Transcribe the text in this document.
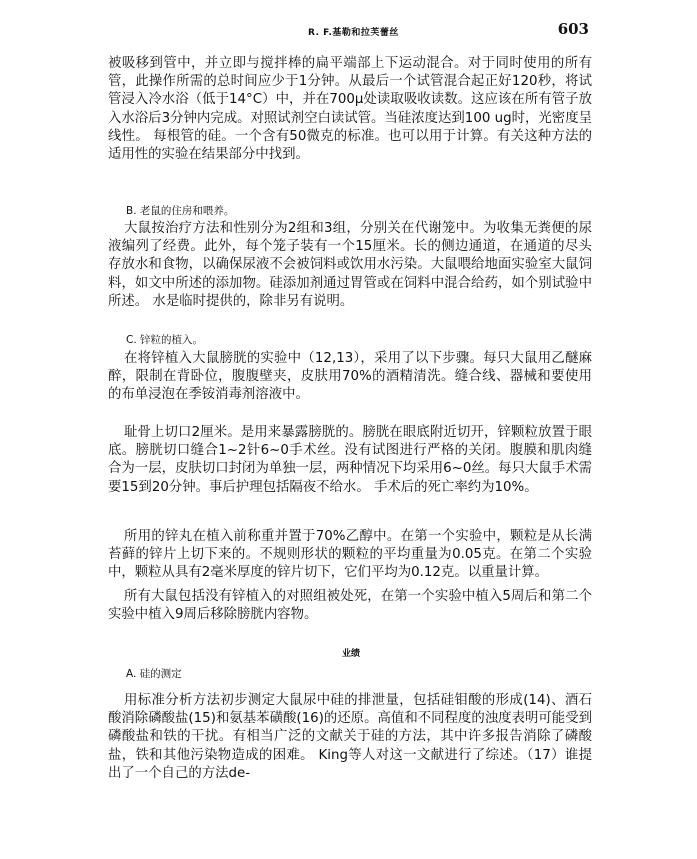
R. F.基勒和拉芙蕾丝	603

被吸移到管中，并立即与搅拌棒的扁平端部上下运动混合。对于同时使用的所有管，此操作所需的总时间应少于1分钟。从最后一个试管混合起正好120秒，将试管浸入冷水浴（低于14°C）中，并在700μ处读取吸收读数。这应该在所有管子放入水浴后3分钟内完成。对照试剂空白读试管。当硅浓度达到100 ug时，光密度呈线性。 每根管的硅。一个含有50微克的标准。也可以用于计算。有关这种方法的适用性的实验在结果部分中找到。

B. 老鼠的住房和喂养。

大鼠按治疗方法和性别分为2组和3组，分别关在代谢笼中。为收集无粪便的尿液编列了经费。此外，每个笼子装有一个15厘米。长的侧边通道，在通道的尽头存放水和食物，以确保尿液不会被饲料或饮用水污染。大鼠喂给地面实验室大鼠饲料，如文中所述的添加物。硅添加剂通过胃管或在饲料中混合给药，如个别试验中所述。 水是临时提供的，除非另有说明。

C. 锌粒的植入。

在将锌植入大鼠膀胱的实验中（12,13），采用了以下步骤。每只大鼠用乙醚麻醉，限制在背卧位，腹腹壁夹，皮肤用70%的酒精清洗。缝合线、器械和要使用的布单浸泡在季铵消毒剂溶液中。

耻骨上切口2厘米。是用来暴露膀胱的。膀胱在眼底附近切开，锌颗粒放置于眼底。膀胱切口缝合1~2针6~0手术丝。没有试图进行严格的关闭。腹膜和肌肉缝合为一层，皮肤切口封闭为单独一层，两种情况下均采用6~0丝。每只大鼠手术需要15到20分钟。事后护理包括隔夜不给水。 手术后的死亡率约为10%。

所用的锌丸在植入前称重并置于70%乙醇中。在第一个实验中，颗粒是从长满苔藓的锌片上切下来的。不规则形状的颗粒的平均重量为0.05克。在第二个实验中，颗粒从具有2毫米厚度的锌片切下，它们平均为0.12克。以重量计算。

所有大鼠包括没有锌植入的对照组被处死，在第一个实验中植入5周后和第二个实验中植入9周后移除膀胱内容物。

业绩

A. 硅的测定

用标准分析方法初步测定大鼠尿中硅的排泄量，包括硅钼酸的形成(14)、酒石酸消除磷酸盐(15)和氨基苯磺酸(16)的还原。高值和不同程度的浊度表明可能受到磷酸盐和铁的干扰。有相当广泛的文献关于硅的方法，其中许多报告消除了磷酸盐，铁和其他污染物造成的困难。 King等人对这一文献进行了综述。（17）谁提出了一个自己的方法de-
